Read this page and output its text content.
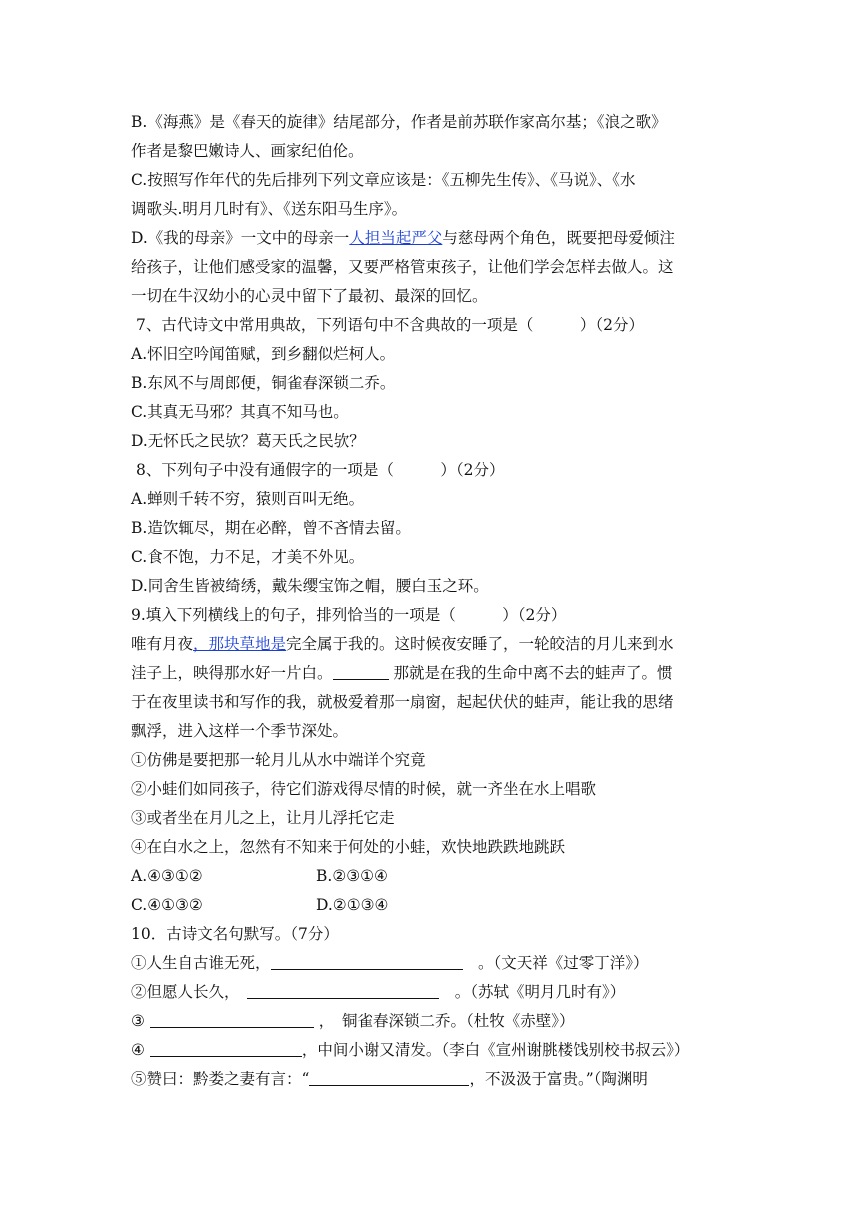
B.《海燕》是《春天的旋律》结尾部分，作者是前苏联作家高尔基；《浪之歌》
作者是黎巴嫩诗人、画家纪伯伦。
C.按照写作年代的先后排列下列文章应该是：《五柳先生传》、《马说》、《水
调歌头.明月几时有》、《送东阳马生序》。
D.《我的母亲》一文中的母亲一人担当起严父与慈母两个角色，既要把母爱倾注
给孩子，让他们感受家的温馨，又要严格管束孩子，让他们学会怎样去做人。这
一切在牛汉幼小的心灵中留下了最初、最深的回忆。
7、古代诗文中常用典故，下列语句中不含典故的一项是（　　　）（2分）
A.怀旧空吟闻笛赋，到乡翻似烂柯人。
B.东风不与周郎便，铜雀春深锁二乔。
C.其真无马邪？其真不知马也。
D.无怀氏之民欤？葛天氏之民欤？
8、下列句子中没有通假字的一项是（　　　）（2分）
A.蝉则千转不穷，猿则百叫无绝。
B.造饮辄尽，期在必醉，曾不吝情去留。
C.食不饱，力不足，才美不外见。
D.同舍生皆被绮绣，戴朱缨宝饰之帽，腰白玉之环。
9.填入下列横线上的句子，排列恰当的一项是（　　　）（2分）
唯有月夜，那块草地是完全属于我的。这时候夜安睡了，一轮皎洁的月儿来到水
洼子上，映得那水好一片白。	那就是在我的生命中离不去的蛙声了。惯
于在夜里读书和写作的我，就极爱着那一扇窗，起起伏伏的蛙声，能让我的思绪
飘浮，进入这样一个季节深处。
①仿佛是要把那一轮月儿从水中端详个究竟
②小蛙们如同孩子，待它们游戏得尽情的时候，就一齐坐在水上唱歌
③或者坐在月儿之上，让月儿浮托它走
④在白水之上，忽然有不知来于何处的小蛙，欢快地跌跌地跳跃
A.④③①②	B.②③①④
C.④①③②	D.②①③④
10．古诗文名句默写。（7分）
①人生自古谁无死，	　。（文天祥《过零丁洋》）
②但愿人长久，　	　。（苏轼《明月几时有》）
③	，　铜雀春深锁二乔。（杜牧《赤壁》）
④	，中间小谢又清发。（李白《宣州谢朓楼饯别校书叔云》）
⑤赞曰：黔娄之妻有言：“	，不汲汲于富贵。”（陶渊明
